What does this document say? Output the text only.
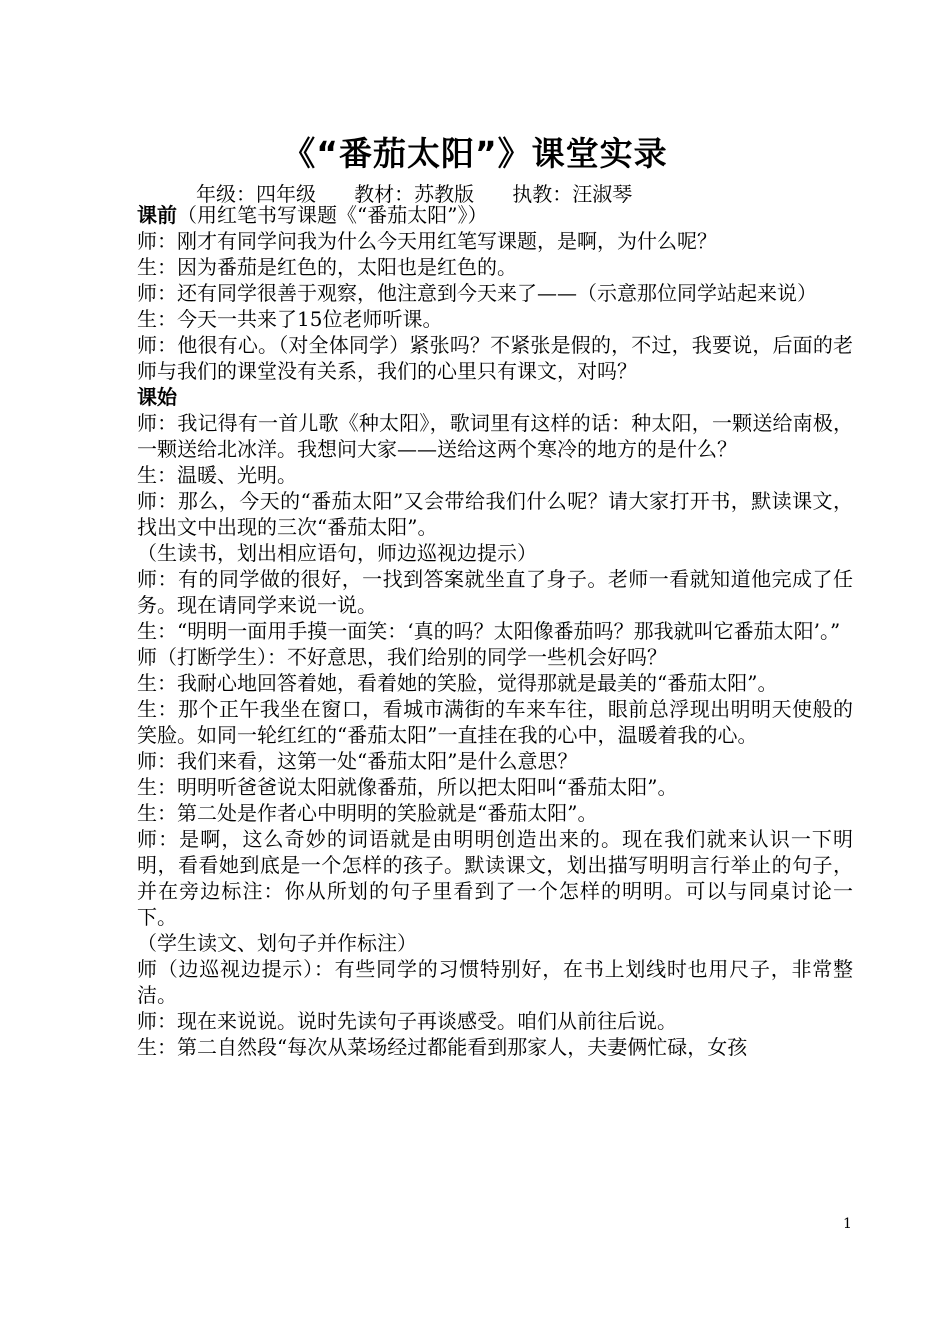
《“番茄太阳”》课堂实录
年级：四年级      教材：苏教版      执教：汪淑琴

课前（用红笔书写课题《“番茄太阳”》）

师：刚才有同学问我为什么今天用红笔写课题，是啊，为什么呢？

生：因为番茄是红色的，太阳也是红色的。

师：还有同学很善于观察，他注意到今天来了——（示意那位同学站起来说）

生：今天一共来了15位老师听课。

师：他很有心。（对全体同学）紧张吗？不紧张是假的，不过，我要说，后面的老师与我们的课堂没有关系，我们的心里只有课文，对吗？

课始

师：我记得有一首儿歌《种太阳》，歌词里有这样的话：种太阳，一颗送给南极，一颗送给北冰洋。我想问大家——送给这两个寒冷的地方的是什么？

生：温暖、光明。

师：那么，今天的“番茄太阳”又会带给我们什么呢？请大家打开书，默读课文，找出文中出现的三次“番茄太阳”。

（生读书，划出相应语句，师边巡视边提示）

师：有的同学做的很好，一找到答案就坐直了身子。老师一看就知道他完成了任务。现在请同学来说一说。

生：“明明一面用手摸一面笑：‘真的吗？太阳像番茄吗？那我就叫它番茄太阳’。”

师（打断学生）：不好意思，我们给别的同学一些机会好吗？

生：我耐心地回答着她，看着她的笑脸，觉得那就是最美的“番茄太阳”。

生：那个正午我坐在窗口，看城市满街的车来车往，眼前总浮现出明明天使般的笑脸。如同一轮红红的“番茄太阳”一直挂在我的心中，温暖着我的心。

师：我们来看，这第一处“番茄太阳”是什么意思？

生：明明听爸爸说太阳就像番茄，所以把太阳叫“番茄太阳”。

生：第二处是作者心中明明的笑脸就是“番茄太阳”。

师：是啊，这么奇妙的词语就是由明明创造出来的。现在我们就来认识一下明明，看看她到底是一个怎样的孩子。默读课文，划出描写明明言行举止的句子，并在旁边标注：你从所划的句子里看到了一个怎样的明明。可以与同桌讨论一下。

（学生读文、划句子并作标注）

师（边巡视边提示）：有些同学的习惯特别好，在书上划线时也用尺子，非常整洁。

师：现在来说说。说时先读句子再谈感受。咱们从前往后说。

生：第二自然段“每次从菜场经过都能看到那家人，夫妻俩忙碌，女孩

1
